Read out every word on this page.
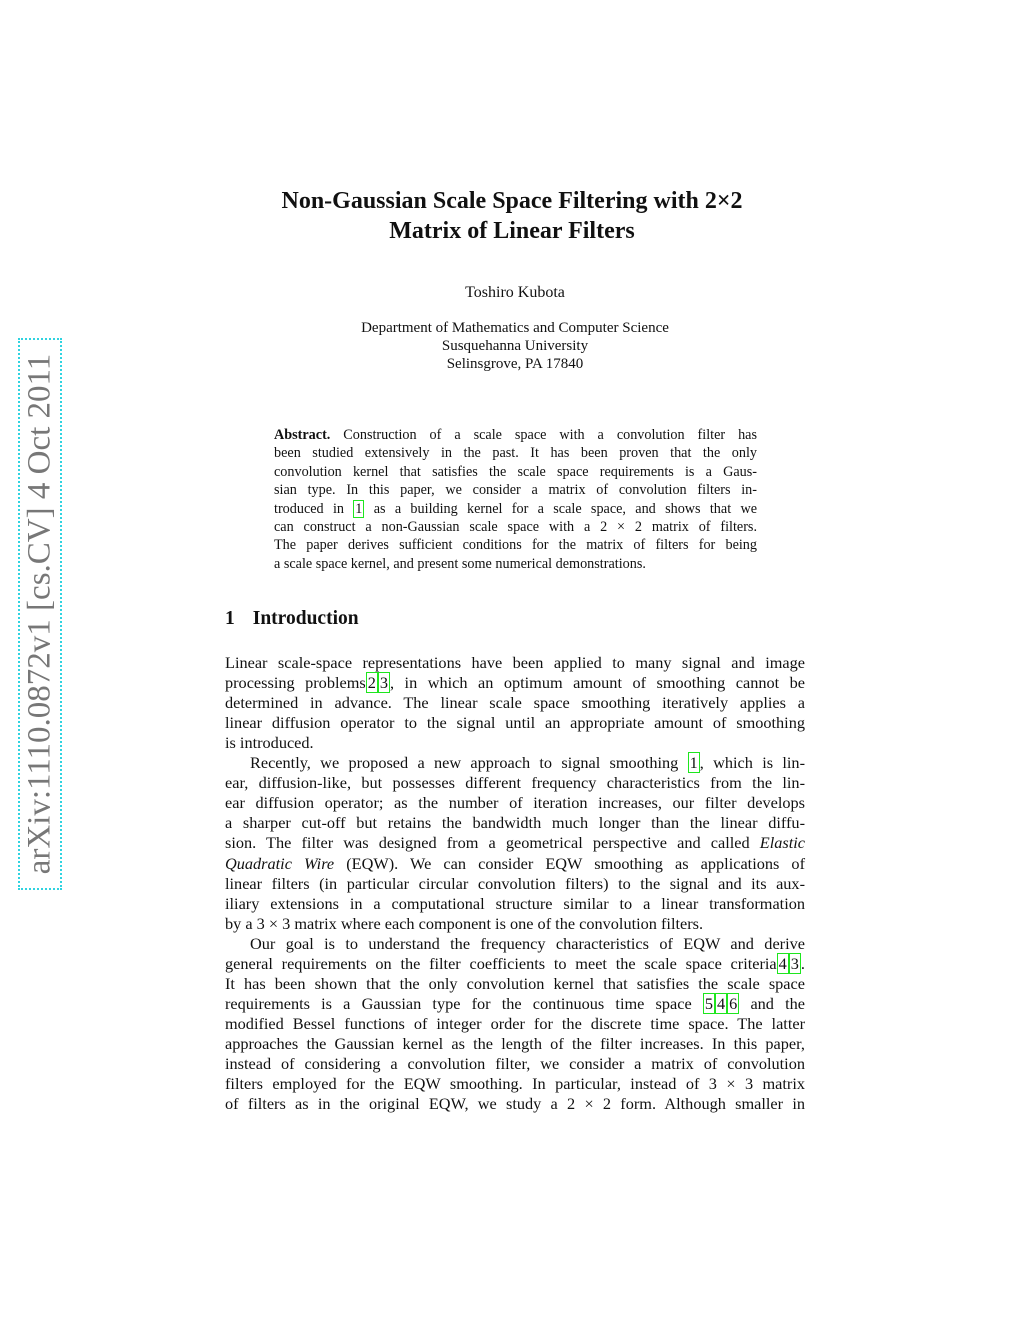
arXiv:1110.0872v1 [cs.CV] 4 Oct 2011
Non-Gaussian Scale Space Filtering with 2×2
Matrix of Linear Filters
Toshiro Kubota
Department of Mathematics and Computer Science
Susquehanna University
Selinsgrove, PA 17840
Abstract. Construction of a scale space with a convolution filter has
been studied extensively in the past. It has been proven that the only
convolution kernel that satisfies the scale space requirements is a Gaus-
sian type. In this paper, we consider a matrix of convolution filters in-
troduced in 1 as a building kernel for a scale space, and shows that we
can construct a non-Gaussian scale space with a 2 × 2 matrix of filters.
The paper derives sufficient conditions for the matrix of filters for being
a scale space kernel, and present some numerical demonstrations.
1 Introduction
Linear scale-space representations have been applied to many signal and image
processing problems 2 3 , in which an optimum amount of smoothing cannot be
determined in advance. The linear scale space smoothing iteratively applies a
linear diffusion operator to the signal until an appropriate amount of smoothing
is introduced.
Recently, we proposed a new approach to signal smoothing 1 , which is lin-
ear, diffusion-like, but possesses different frequency characteristics from the lin-
ear diffusion operator; as the number of iteration increases, our filter develops
a sharper cut-off but retains the bandwidth much longer than the linear diffu-
sion. The filter was designed from a geometrical perspective and called Elastic
Quadratic Wire (EQW). We can consider EQW smoothing as applications of
linear filters (in particular circular convolution filters) to the signal and its aux-
iliary extensions in a computational structure similar to a linear transformation
by a 3 × 3 matrix where each component is one of the convolution filters.
Our goal is to understand the frequency characteristics of EQW and derive
general requirements on the filter coefficients to meet the scale space criteria 4 3 .
It has been shown that the only convolution kernel that satisfies the scale space
requirements is a Gaussian type for the continuous time space 5 4 6 and the
modified Bessel functions of integer order for the discrete time space. The latter
approaches the Gaussian kernel as the length of the filter increases. In this paper,
instead of considering a convolution filter, we consider a matrix of convolution
filters employed for the EQW smoothing. In particular, instead of 3 × 3 matrix
of filters as in the original EQW, we study a 2 × 2 form. Although smaller in
